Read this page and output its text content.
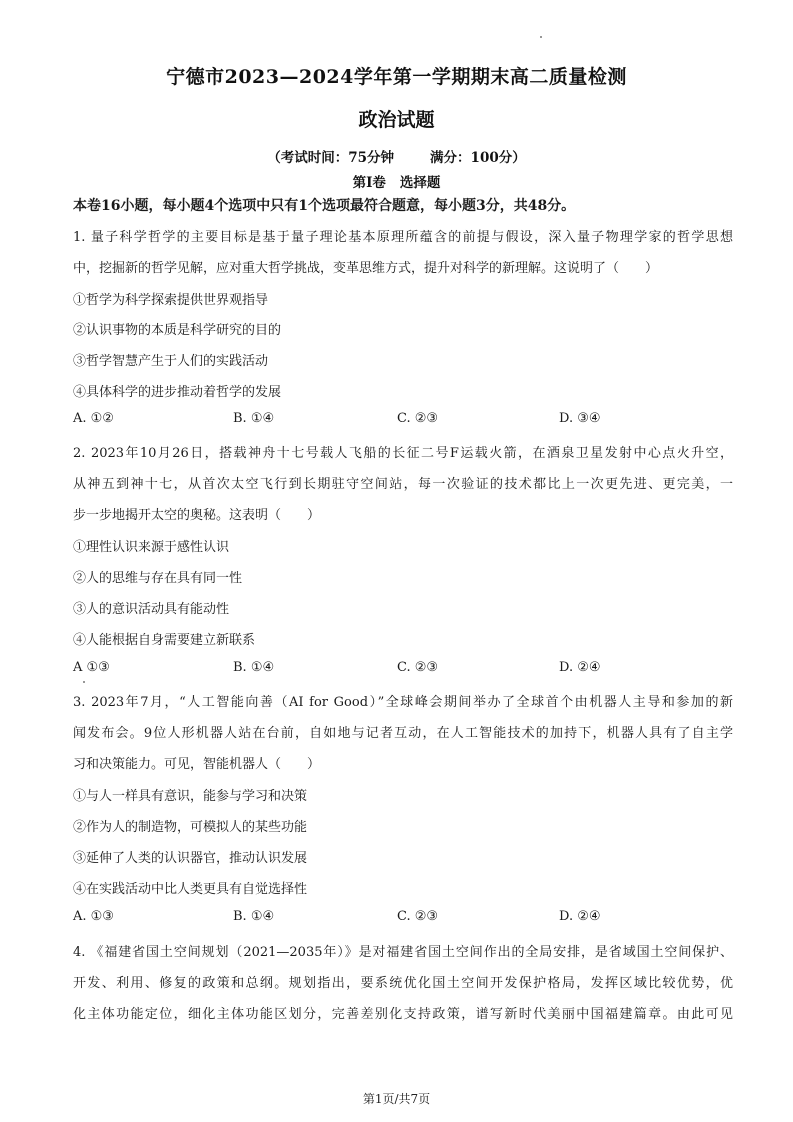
宁德市2023—2024学年第一学期期末高二质量检测
政治试题
（考试时间：75分钟	满分：100分）
第Ⅰ卷 选择题
本卷16小题，每小题4个选项中只有1个选项最符合题意，每小题3分，共48分。
1. 量子科学哲学的主要目标是基于量子理论基本原理所蕴含的前提与假设，深入量子物理学家的哲学思想
中，挖掘新的哲学见解，应对重大哲学挑战，变革思维方式，提升对科学的新理解。这说明了（　　）
①哲学为科学探索提供世界观指导
②认识事物的本质是科学研究的目的
③哲学智慧产生于人们的实践活动
④具体科学的进步推动着哲学的发展
A. ①②	B. ①④	C. ②③	D. ③④
2. 2023年10月26日，搭载神舟十七号载人飞船的长征二号F运载火箭，在酒泉卫星发射中心点火升空，
从神五到神十七，从首次太空飞行到长期驻守空间站，每一次验证的技术都比上一次更先进、更完美，一
步一步地揭开太空的奥秘。这表明（　　）
①理性认识来源于感性认识
②人的思维与存在具有同一性
③人的意识活动具有能动性
④人能根据自身需要建立新联系
A ①③	B. ①④	C. ②③	D. ②④
3. 2023年7月，“人工智能向善（AI for Good）”全球峰会期间举办了全球首个由机器人主导和参加的新
闻发布会。9位人形机器人站在台前，自如地与记者互动，在人工智能技术的加持下，机器人具有了自主学
习和决策能力。可见，智能机器人（　　）
①与人一样具有意识，能参与学习和决策
②作为人的制造物，可模拟人的某些功能
③延伸了人类的认识器官，推动认识发展
④在实践活动中比人类更具有自觉选择性
A. ①③	B. ①④	C. ②③	D. ②④
4. 《福建省国土空间规划（2021—2035年）》是对福建省国土空间作出的全局安排，是省域国土空间保护、
开发、利用、修复的政策和总纲。规划指出，要系统优化国土空间开发保护格局，发挥区域比较优势，优
化主体功能定位，细化主体功能区划分，完善差别化支持政策，谱写新时代美丽中国福建篇章。由此可见
第1页/共7页
